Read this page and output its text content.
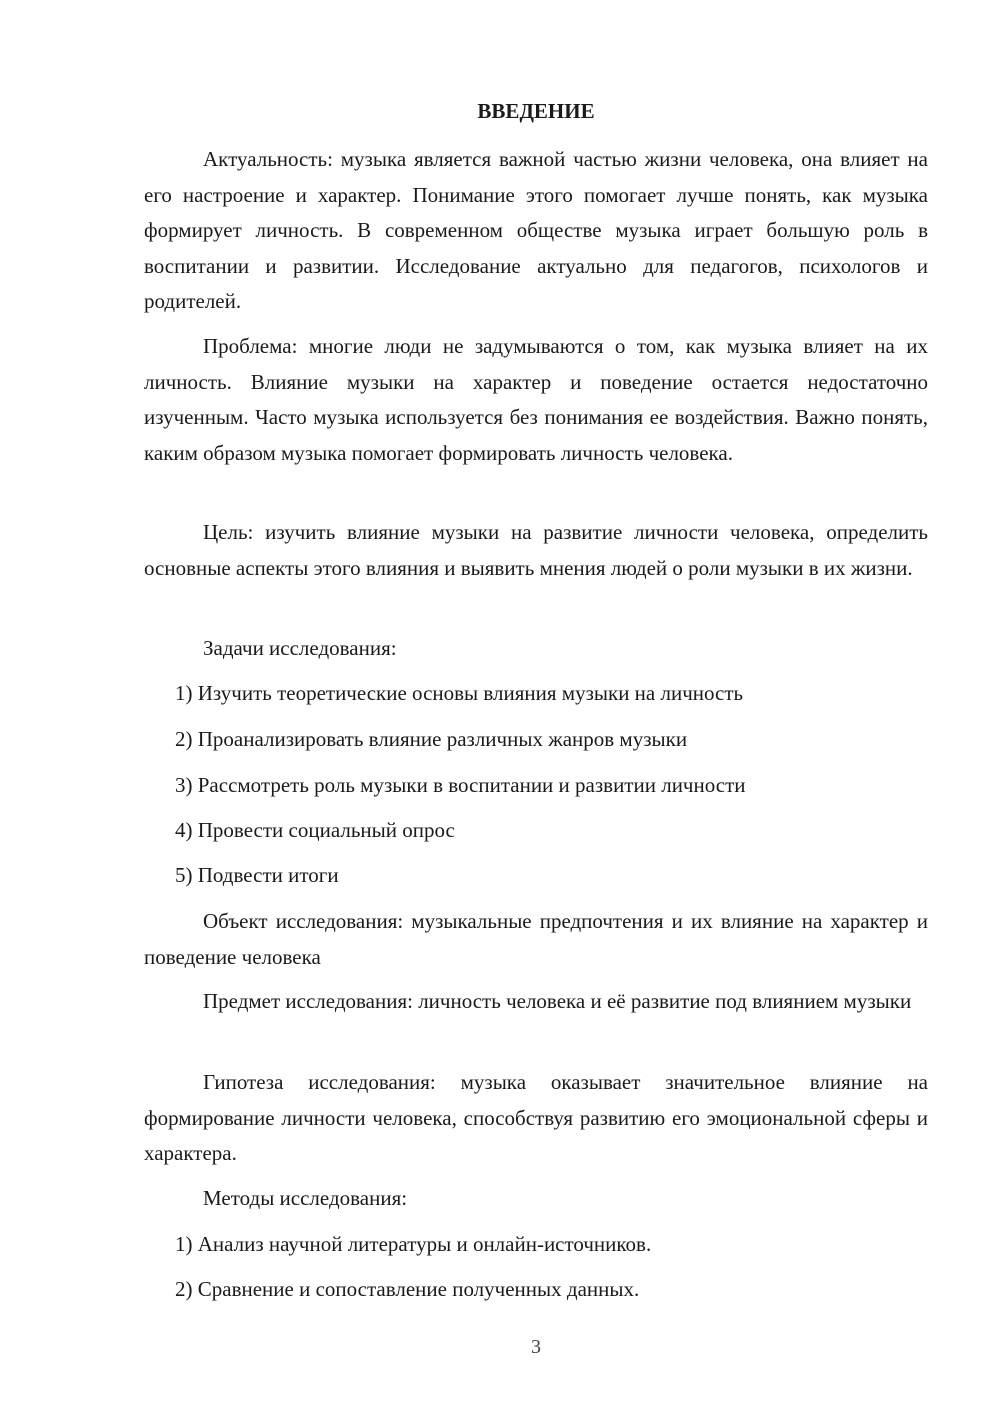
ВВЕДЕНИЕ

Актуальность: музыка является важной частью жизни человека, она влияет на его настроение и характер. Понимание этого помогает лучше понять, как музыка формирует личность. В современном обществе музыка играет большую роль в воспитании и развитии. Исследование актуально для педагогов, психологов и родителей.

Проблема: многие люди не задумываются о том, как музыка влияет на их личность. Влияние музыки на характер и поведение остается недостаточно изученным. Часто музыка используется без понимания ее воздействия. Важно понять, каким образом музыка помогает формировать личность человека.

Цель: изучить влияние музыки на развитие личности человека, определить основные аспекты этого влияния и выявить мнения людей о роли музыки в их жизни.

Задачи исследования:

1) Изучить теоретические основы влияния музыки на личность

2) Проанализировать влияние различных жанров музыки

3) Рассмотреть роль музыки в воспитании и развитии личности

4) Провести социальный опрос

5) Подвести итоги

Объект исследования: музыкальные предпочтения и их влияние на характер и поведение человека

Предмет исследования: личность человека и её развитие под влиянием музыки

Гипотеза исследования: музыка оказывает значительное влияние на формирование личности человека, способствуя развитию его эмоциональной сферы и характера.

Методы исследования:

1) Анализ научной литературы и онлайн-источников.

2) Сравнение и сопоставление полученных данных.

3
